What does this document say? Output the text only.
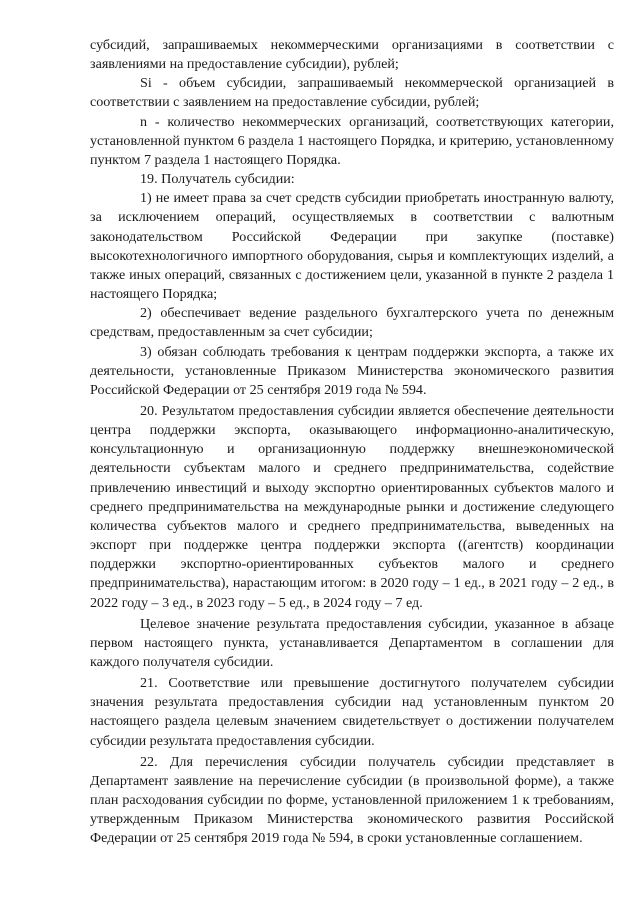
субсидий, запрашиваемых некоммерческими организациями в соответствии с заявлениями на предоставление субсидии), рублей;

Si - объем субсидии, запрашиваемый некоммерческой организацией в соответствии с заявлением на предоставление субсидии, рублей;

n - количество некоммерческих организаций, соответствующих категории, установленной пунктом 6 раздела 1 настоящего Порядка, и критерию, установленному пунктом 7 раздела 1 настоящего Порядка.

19. Получатель субсидии:

1) не имеет права за счет средств субсидии приобретать иностранную валюту, за исключением операций, осуществляемых в соответствии с валютным законодательством Российской Федерации при закупке (поставке) высокотехнологичного импортного оборудования, сырья и комплектующих изделий, а также иных операций, связанных с достижением цели, указанной в пункте 2 раздела 1 настоящего Порядка;

2) обеспечивает ведение раздельного бухгалтерского учета по денежным средствам, предоставленным за счет субсидии;

3) обязан соблюдать требования к центрам поддержки экспорта, а также их деятельности, установленные Приказом Министерства экономического развития Российской Федерации от 25 сентября 2019 года № 594.

20. Результатом предоставления субсидии является обеспечение деятельности центра поддержки экспорта, оказывающего информационно-аналитическую, консультационную и организационную поддержку внешнеэкономической деятельности субъектам малого и среднего предпринимательства, содействие привлечению инвестиций и выходу экспортно ориентированных субъектов малого и среднего предпринимательства на международные рынки и достижение следующего количества субъектов малого и среднего предпринимательства, выведенных на экспорт при поддержке центра поддержки экспорта ((агентств) координации поддержки экспортно-ориентированных субъектов малого и среднего предпринимательства), нарастающим итогом: в 2020 году – 1 ед., в 2021 году – 2 ед., в 2022 году – 3 ед., в 2023 году – 5 ед., в 2024 году – 7 ед.

Целевое значение результата предоставления субсидии, указанное в абзаце первом настоящего пункта, устанавливается Департаментом в соглашении для каждого получателя субсидии.

21. Соответствие или превышение достигнутого получателем субсидии значения результата предоставления субсидии над установленным пунктом 20 настоящего раздела целевым значением свидетельствует о достижении получателем субсидии результата предоставления субсидии.

22. Для перечисления субсидии получатель субсидии представляет в Департамент заявление на перечисление субсидии (в произвольной форме), а также план расходования субсидии по форме, установленной приложением 1 к требованиям, утвержденным Приказом Министерства экономического развития Российской Федерации от 25 сентября 2019 года № 594, в сроки установленные соглашением.
